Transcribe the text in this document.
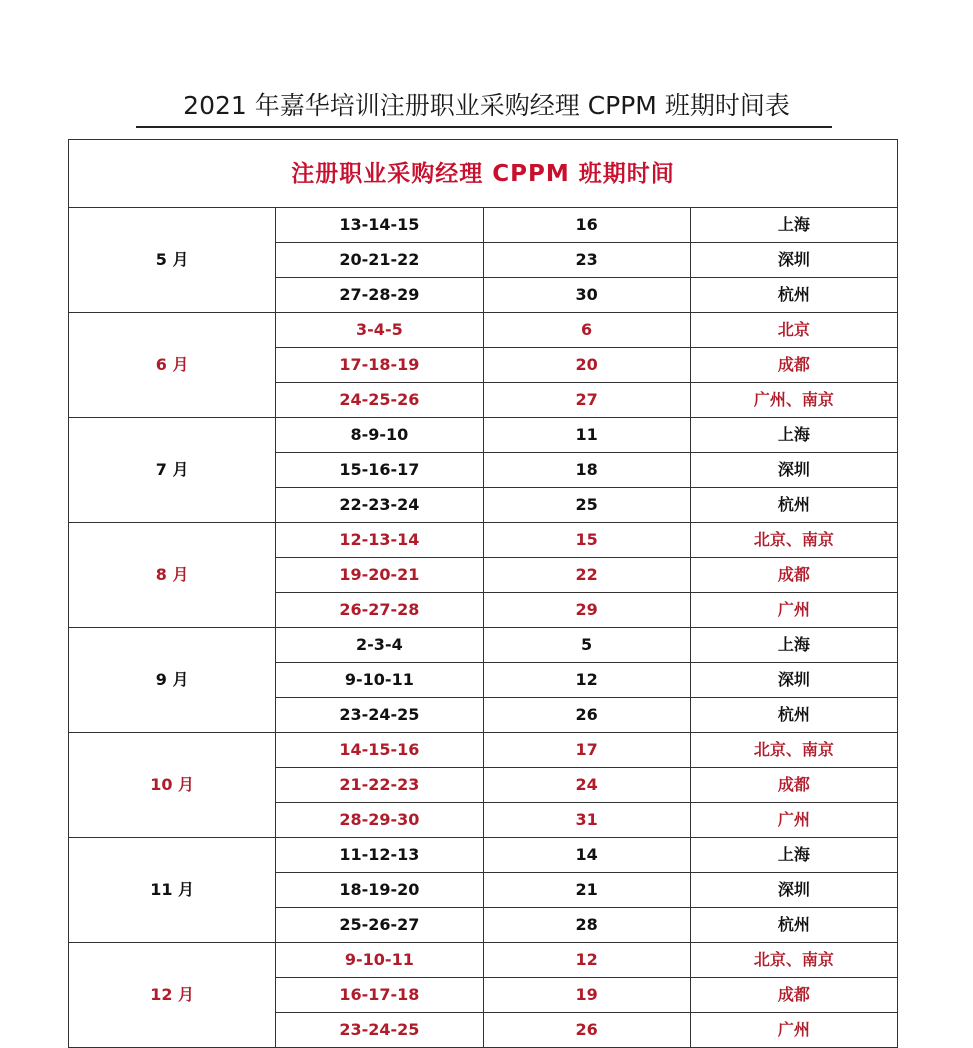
2021 年嘉华培训注册职业采购经理 CPPM 班期时间表
注册职业采购经理 CPPM 班期时间			
5 月	13-14-15	16	上海
	20-21-22	23	深圳
	27-28-29	30	杭州
6 月	3-4-5	6	北京
	17-18-19	20	成都
	24-25-26	27	广州、南京
7 月	8-9-10	11	上海
	15-16-17	18	深圳
	22-23-24	25	杭州
8 月	12-13-14	15	北京、南京
	19-20-21	22	成都
	26-27-28	29	广州
9 月	2-3-4	5	上海
	9-10-11	12	深圳
	23-24-25	26	杭州
10 月	14-15-16	17	北京、南京
	21-22-23	24	成都
	28-29-30	31	广州
11 月	11-12-13	14	上海
	18-19-20	21	深圳
	25-26-27	28	杭州
12 月	9-10-11	12	北京、南京
	16-17-18	19	成都
	23-24-25	26	广州
